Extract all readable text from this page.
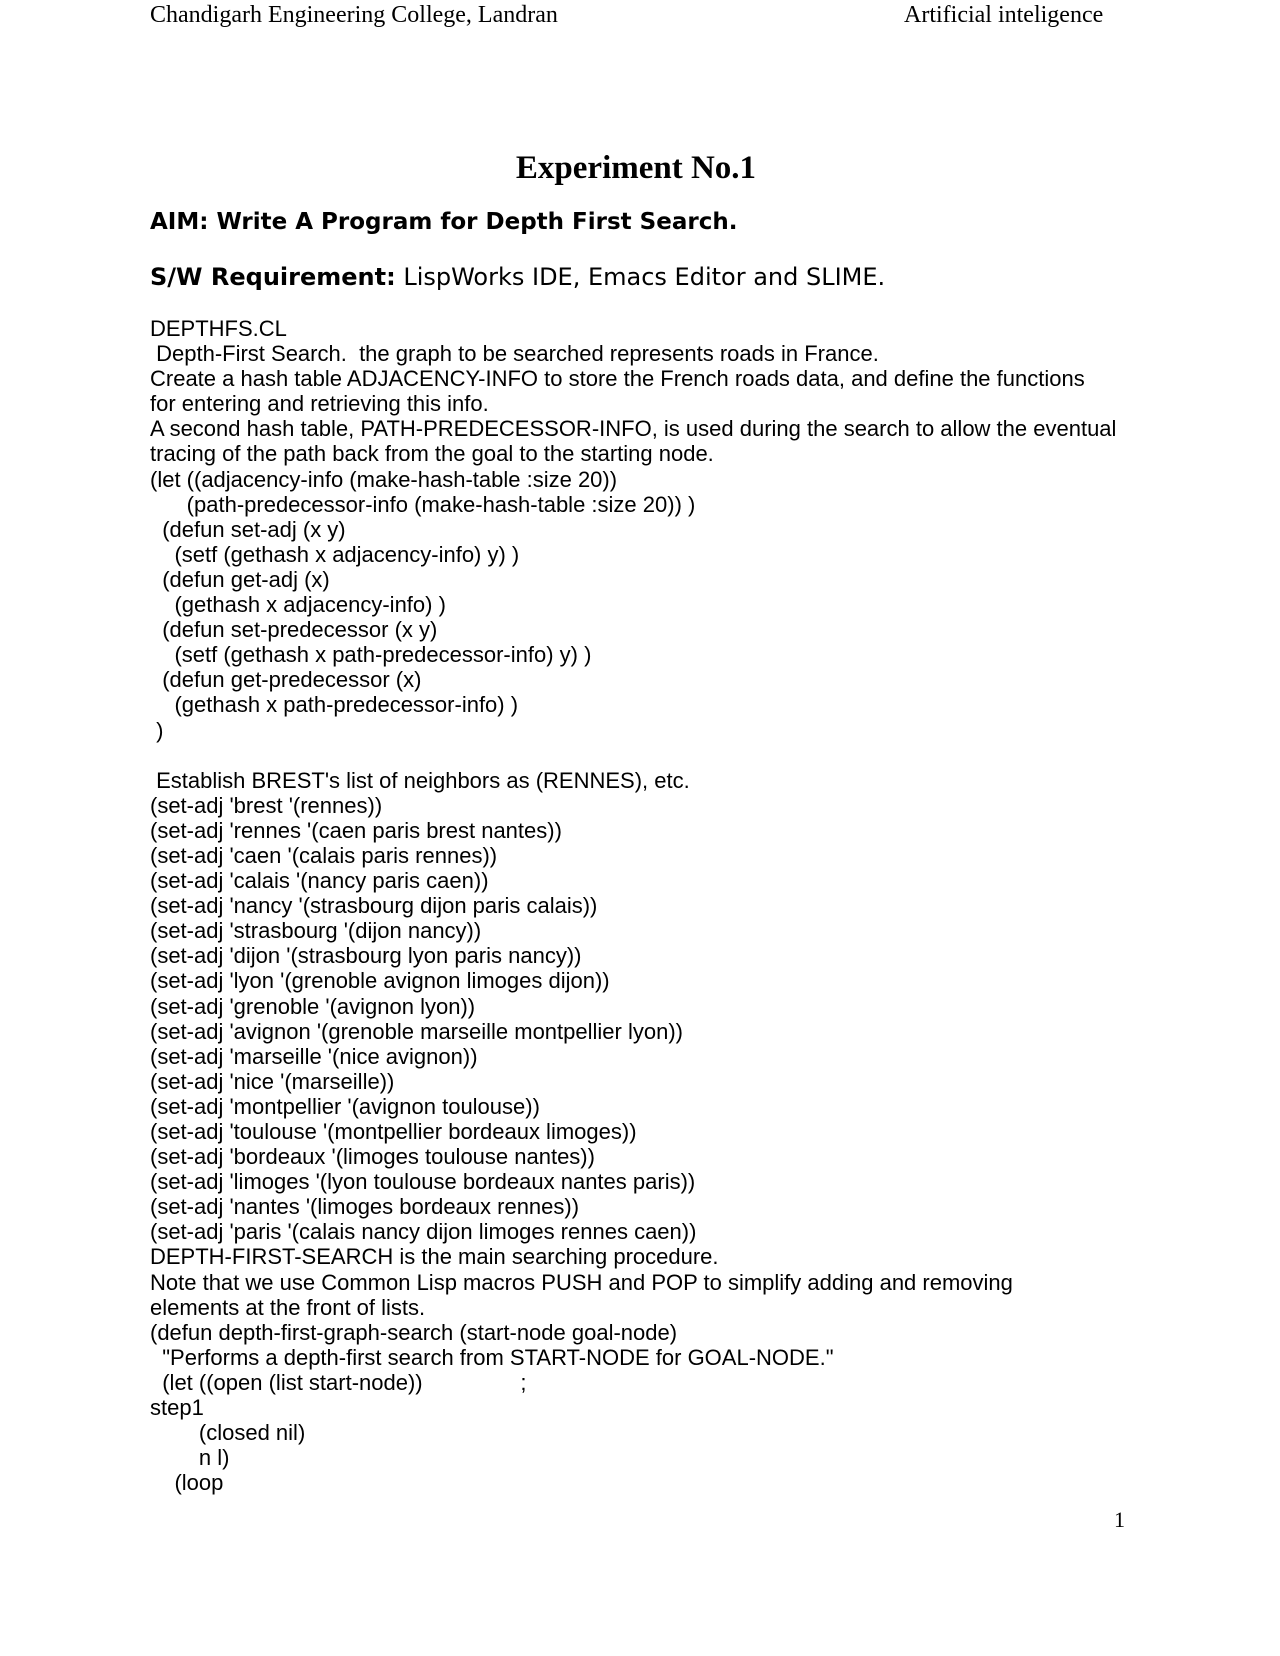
Chandigarh Engineering College, Landran	Artificial inteligence
Experiment No.1
AIM: Write A Program for Depth First Search.
S/W Requirement: LispWorks IDE, Emacs Editor and SLIME.
DEPTHFS.CL
Depth-First Search.  the graph to be searched represents roads in France.
Create a hash table ADJACENCY-INFO to store the French roads data, and define the functions
for entering and retrieving this info.
A second hash table, PATH-PREDECESSOR-INFO, is used during the search to allow the eventual
tracing of the path back from the goal to the starting node.
(let ((adjacency-info (make-hash-table :size 20))
(path-predecessor-info (make-hash-table :size 20)) )
(defun set-adj (x y)
(setf (gethash x adjacency-info) y) )
(defun get-adj (x)
(gethash x adjacency-info) )
(defun set-predecessor (x y)
(setf (gethash x path-predecessor-info) y) )
(defun get-predecessor (x)
(gethash x path-predecessor-info) )
)
Establish BREST's list of neighbors as (RENNES), etc.
(set-adj 'brest '(rennes))
(set-adj 'rennes '(caen paris brest nantes))
(set-adj 'caen '(calais paris rennes))
(set-adj 'calais '(nancy paris caen))
(set-adj 'nancy '(strasbourg dijon paris calais))
(set-adj 'strasbourg '(dijon nancy))
(set-adj 'dijon '(strasbourg lyon paris nancy))
(set-adj 'lyon '(grenoble avignon limoges dijon))
(set-adj 'grenoble '(avignon lyon))
(set-adj 'avignon '(grenoble marseille montpellier lyon))
(set-adj 'marseille '(nice avignon))
(set-adj 'nice '(marseille))
(set-adj 'montpellier '(avignon toulouse))
(set-adj 'toulouse '(montpellier bordeaux limoges))
(set-adj 'bordeaux '(limoges toulouse nantes))
(set-adj 'limoges '(lyon toulouse bordeaux nantes paris))
(set-adj 'nantes '(limoges bordeaux rennes))
(set-adj 'paris '(calais nancy dijon limoges rennes caen))
DEPTH-FIRST-SEARCH is the main searching procedure.
Note that we use Common Lisp macros PUSH and POP to simplify adding and removing
elements at the front of lists.
(defun depth-first-graph-search (start-node goal-node)
"Performs a depth-first search from START-NODE for GOAL-NODE."
(let ((open (list start-node))                ;
step1
(closed nil)
n l)
(loop
1
